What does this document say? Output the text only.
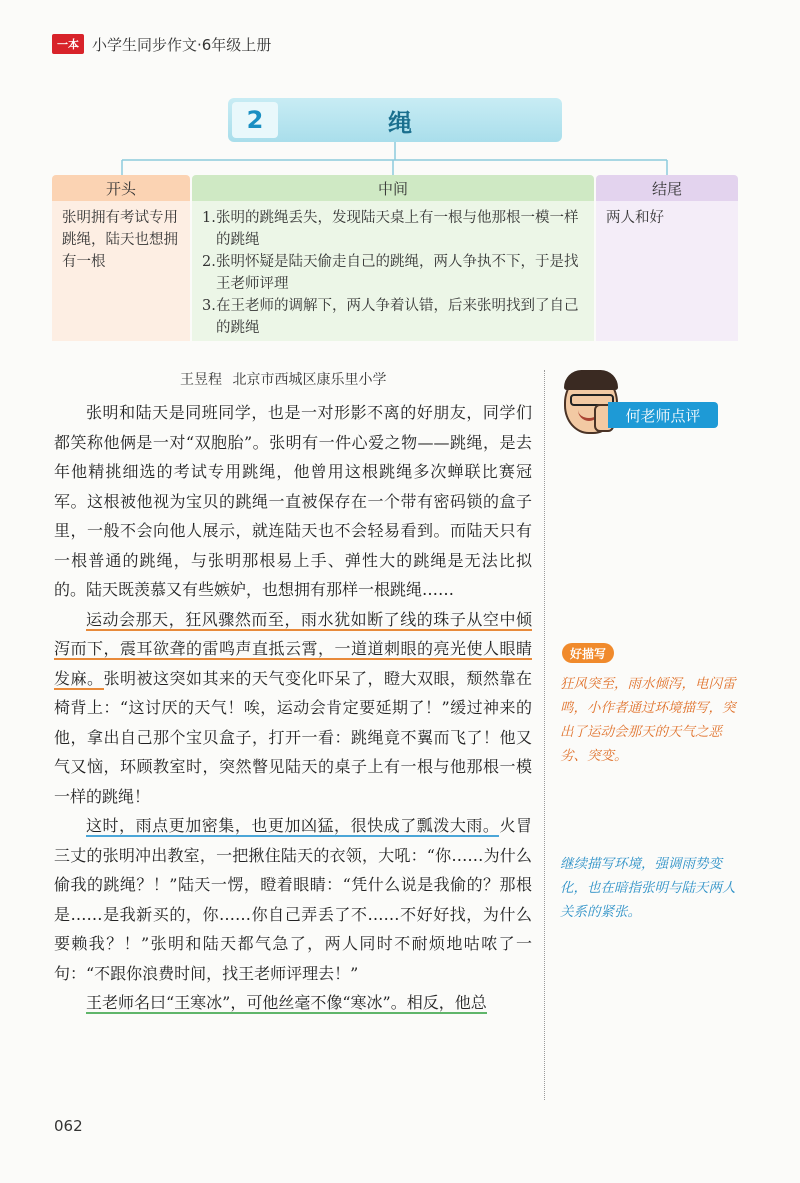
一本 小学生同步作文·6年级上册
2	绳
开头
张明拥有考试专用跳绳，陆天也想拥有一根
中间
1. 张明的跳绳丢失，发现陆天桌上有一根与他那根一模一样的跳绳
2. 张明怀疑是陆天偷走自己的跳绳，两人争执不下，于是找王老师评理
3. 在王老师的调解下，两人争着认错，后来张明找到了自己的跳绳
结尾
两人和好
王昱程 北京市西城区康乐里小学

张明和陆天是同班同学，也是一对形影不离的好朋友，同学们都笑称他俩是一对“双胞胎”。张明有一件心爱之物——跳绳，是去年他精挑细选的考试专用跳绳，他曾用这根跳绳多次蝉联比赛冠军。这根被他视为宝贝的跳绳一直被保存在一个带有密码锁的盒子里，一般不会向他人展示，就连陆天也不会轻易看到。而陆天只有一根普通的跳绳，与张明那根易上手、弹性大的跳绳是无法比拟的。陆天既羡慕又有些嫉妒，也想拥有那样一根跳绳……

运动会那天，狂风骤然而至，雨水犹如断了线的珠子从空中倾泻而下，震耳欲聋的雷鸣声直抵云霄，一道道刺眼的亮光使人眼睛发麻。张明被这突如其来的天气变化吓呆了，瞪大双眼，颓然靠在椅背上：“这讨厌的天气！唉，运动会肯定要延期了！”缓过神来的他，拿出自己那个宝贝盒子，打开一看：跳绳竟不翼而飞了！他又气又恼，环顾教室时，突然瞥见陆天的桌子上有一根与他那根一模一样的跳绳！

这时，雨点更加密集，也更加凶猛，很快成了瓢泼大雨。火冒三丈的张明冲出教室，一把揪住陆天的衣领，大吼：“你……为什么偷我的跳绳？！”陆天一愣，瞪着眼睛：“凭什么说是我偷的？那根是……是我新买的，你……你自己弄丢了不……不好好找，为什么要赖我？！”张明和陆天都气急了，两人同时不耐烦地咕哝了一句：“不跟你浪费时间，找王老师评理去！”

王老师名曰“王寒冰”，可他丝毫不像“寒冰”。相反，他总

何老师点评
好描写
狂风突至，雨水倾泻，电闪雷鸣，小作者通过环境描写，突出了运动会那天的天气之恶劣、突变。
继续描写环境，强调雨势变化，也在暗指张明与陆天两人关系的紧张。
062
